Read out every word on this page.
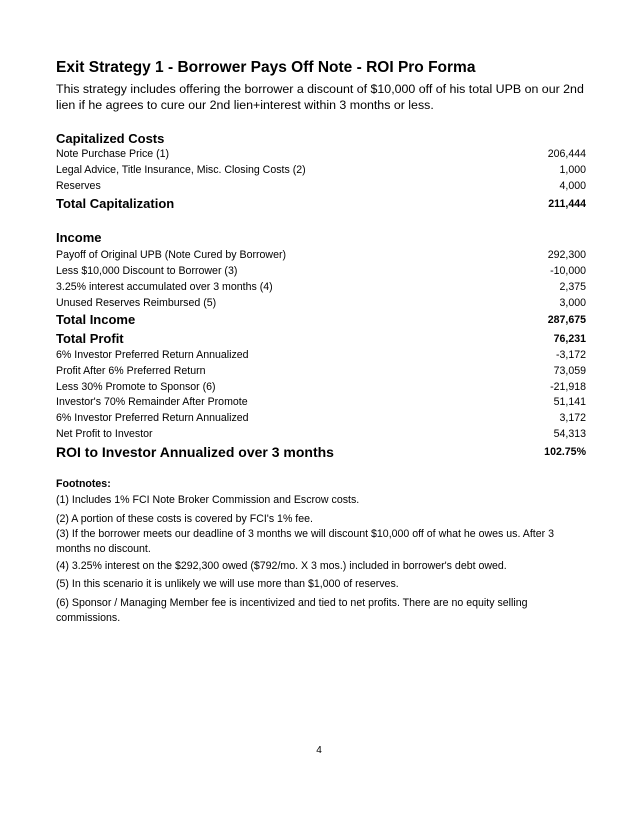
Exit Strategy 1 - Borrower Pays Off Note - ROI Pro Forma
This strategy includes offering the borrower a discount of $10,000 off of his total UPB on our 2nd lien if he agrees to cure our 2nd lien+interest within 3 months or less.
Capitalized Costs
Note Purchase Price (1)	206,444
Legal Advice, Title Insurance, Misc. Closing Costs (2)	1,000
Reserves	4,000
Total Capitalization	211,444
Income
Payoff of Original UPB (Note Cured by Borrower)	292,300
Less $10,000 Discount to Borrower (3)	-10,000
3.25% interest accumulated over 3 months (4)	2,375
Unused Reserves Reimbursed (5)	3,000
Total Income	287,675
Total Profit	76,231
6% Investor Preferred Return Annualized	-3,172
Profit After 6% Preferred Return	73,059
Less 30% Promote to Sponsor (6)	-21,918
Investor's 70% Remainder After Promote	51,141
6% Investor Preferred Return Annualized	3,172
Net Profit to Investor	54,313
ROI to Investor Annualized over 3 months	102.75%
Footnotes:
(1) Includes 1% FCI Note Broker Commission and Escrow costs.
(2) A portion of these costs is covered by FCI's 1% fee.
(3) If the borrower meets our deadline of 3 months we will discount $10,000 off of what he owes us. After 3 months no discount.
(4) 3.25% interest on the $292,300 owed ($792/mo. X 3 mos.) included in borrower's debt owed.
(5) In this scenario it is unlikely we will use more than $1,000 of reserves.
(6) Sponsor / Managing Member fee is incentivized and tied to net profits. There are no equity selling commissions.
4
